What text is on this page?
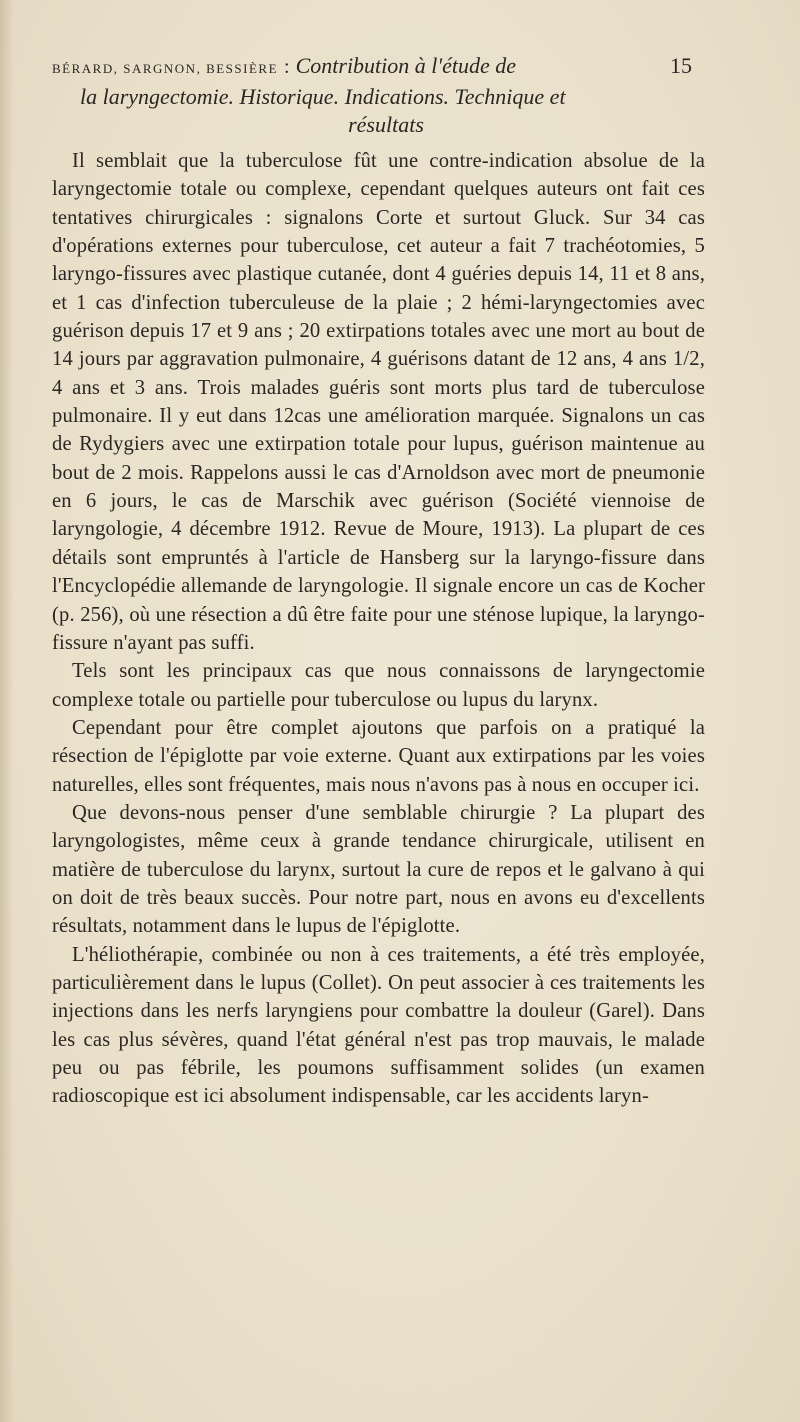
BÉRARD, SARGNON, BESSIÈRE : Contribution à l'étude de	15
la laryngectomie. Historique. Indications. Technique et
résultats

Il semblait que la tuberculose fût une contre-indication absolue de la laryngectomie totale ou complexe, cependant quelques auteurs ont fait ces tentatives chirurgicales : signalons Corte et surtout Gluck. Sur 34 cas d'opérations externes pour tuberculose, cet auteur a fait 7 trachéotomies, 5 laryngo-fissures avec plastique cutanée, dont 4 guéries depuis 14, 11 et 8 ans, et 1 cas d'infection tuberculeuse de la plaie ; 2 hémi-laryngectomies avec guérison depuis 17 et 9 ans ; 20 extirpations totales avec une mort au bout de 14 jours par aggravation pulmonaire, 4 guérisons datant de 12 ans, 4 ans 1/2, 4 ans et 3 ans. Trois malades guéris sont morts plus tard de tuberculose pulmonaire. Il y eut dans 12cas une amélioration marquée. Signalons un cas de Rydygiers avec une extirpation totale pour lupus, guérison maintenue au bout de 2 mois. Rappelons aussi le cas d'Arnoldson avec mort de pneumonie en 6 jours, le cas de Marschik avec guérison (Société viennoise de laryngologie, 4 décembre 1912. Revue de Moure, 1913). La plupart de ces détails sont empruntés à l'article de Hansberg sur la laryngo-fissure dans l'Encyclopédie allemande de laryngologie. Il signale encore un cas de Kocher (p. 256), où une résection a dû être faite pour une sténose lupique, la laryngo-fissure n'ayant pas suffi.

Tels sont les principaux cas que nous connaissons de laryngectomie complexe totale ou partielle pour tuberculose ou lupus du larynx.

Cependant pour être complet ajoutons que parfois on a pratiqué la résection de l'épiglotte par voie externe. Quant aux extirpations par les voies naturelles, elles sont fréquentes, mais nous n'avons pas à nous en occuper ici.

Que devons-nous penser d'une semblable chirurgie ? La plupart des laryngologistes, même ceux à grande tendance chirurgicale, utilisent en matière de tuberculose du larynx, surtout la cure de repos et le galvano à qui on doit de très beaux succès. Pour notre part, nous en avons eu d'excellents résultats, notamment dans le lupus de l'épiglotte.

L'héliothérapie, combinée ou non à ces traitements, a été très employée, particulièrement dans le lupus (Collet). On peut associer à ces traitements les injections dans les nerfs laryngiens pour combattre la douleur (Garel). Dans les cas plus sévères, quand l'état général n'est pas trop mauvais, le malade peu ou pas fébrile, les poumons suffisamment solides (un examen radioscopique est ici absolument indispensable, car les accidents laryn-
